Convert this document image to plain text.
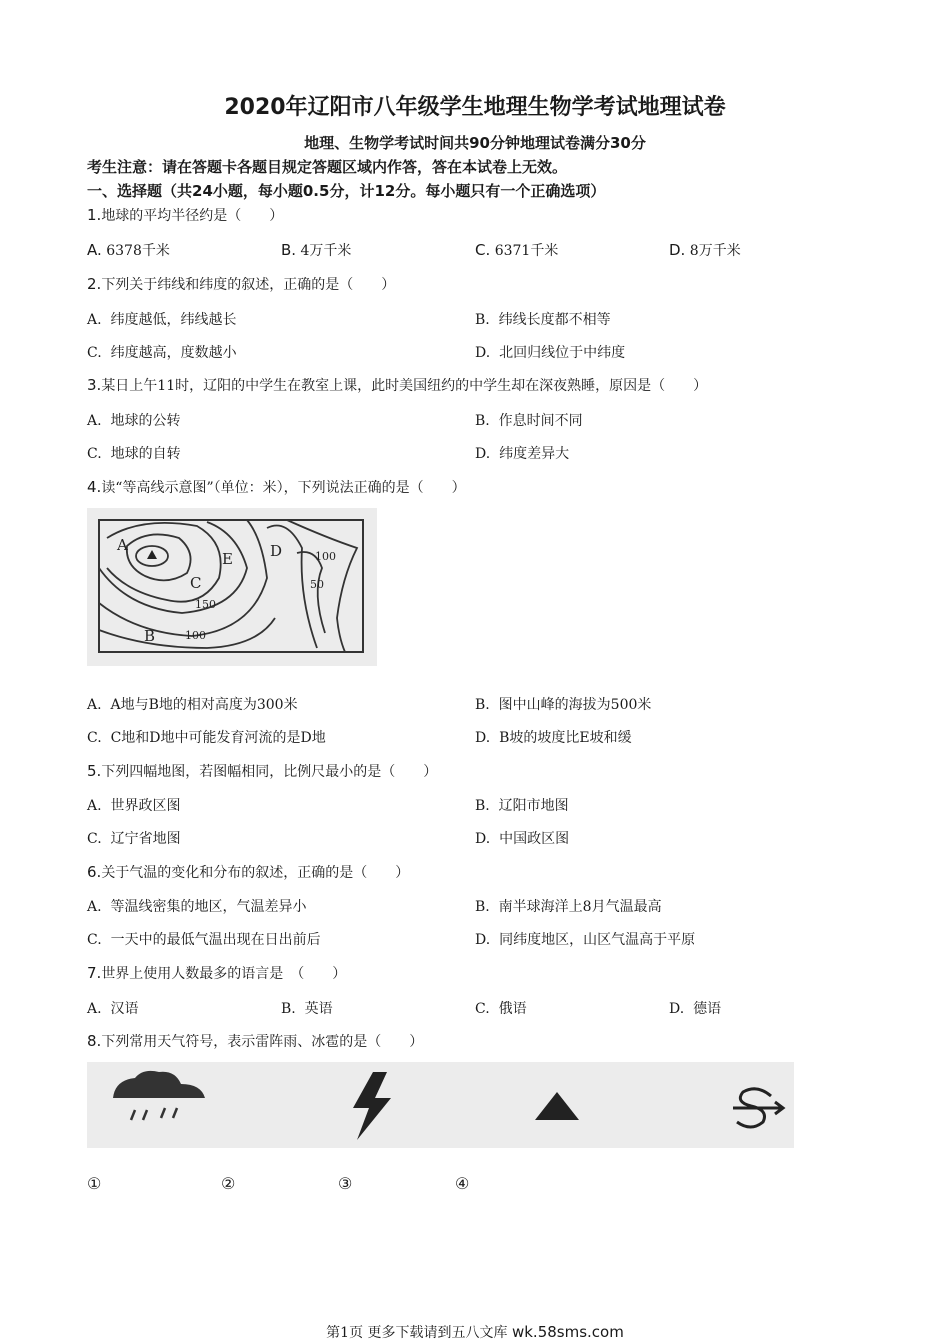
2020年辽阳市八年级学生地理生物学考试地理试卷
地理、生物学考试时间共90分钟地理试卷满分30分
考生注意：请在答题卡各题目规定答题区域内作答，答在本试卷上无效。
一、选择题（共24小题，每小题0.5分，计12分。每小题只有一个正确选项）
1.地球的平均半径约是（　　）
A. 6378千米	B. 4万千米	C. 6371千米	D. 8万千米
2.下列关于纬线和纬度的叙述，正确的是（　　）
A. 纬度越低，纬线越长	B. 纬线长度都不相等
C. 纬度越高，度数越小	D. 北回归线位于中纬度
3.某日上午11时，辽阳的中学生在教室上课，此时美国纽约的中学生却在深夜熟睡，原因是（　　）
A. 地球的公转	B. 作息时间不同
C. 地球的自转	D. 纬度差异大
4.读“等高线示意图”（单位：米），下列说法正确的是（　　）
A
E D	100
50
C
150
B	100
A. A地与B地的相对高度为300米	B. 图中山峰的海拔为500米
C. C地和D地中可能发育河流的是D地	D. B坡的坡度比E坡和缓
5.下列四幅地图，若图幅相同，比例尺最小的是（　　）
A. 世界政区图	B. 辽阳市地图
C. 辽宁省地图	D. 中国政区图
6.关于气温的变化和分布的叙述，正确的是（　　）
A. 等温线密集的地区，气温差异小	B. 南半球海洋上8月气温最高
C. 一天中的最低气温出现在日出前后	D. 同纬度地区，山区气温高于平原
7.世界上使用人数最多的语言是　（　　）
A. 汉语	B. 英语	C. 俄语	D. 德语
8.下列常用天气符号，表示雷阵雨、冰雹的是（　　）
①	②	③	④
第1页 更多下载请到五八文库 wk.58sms.com
